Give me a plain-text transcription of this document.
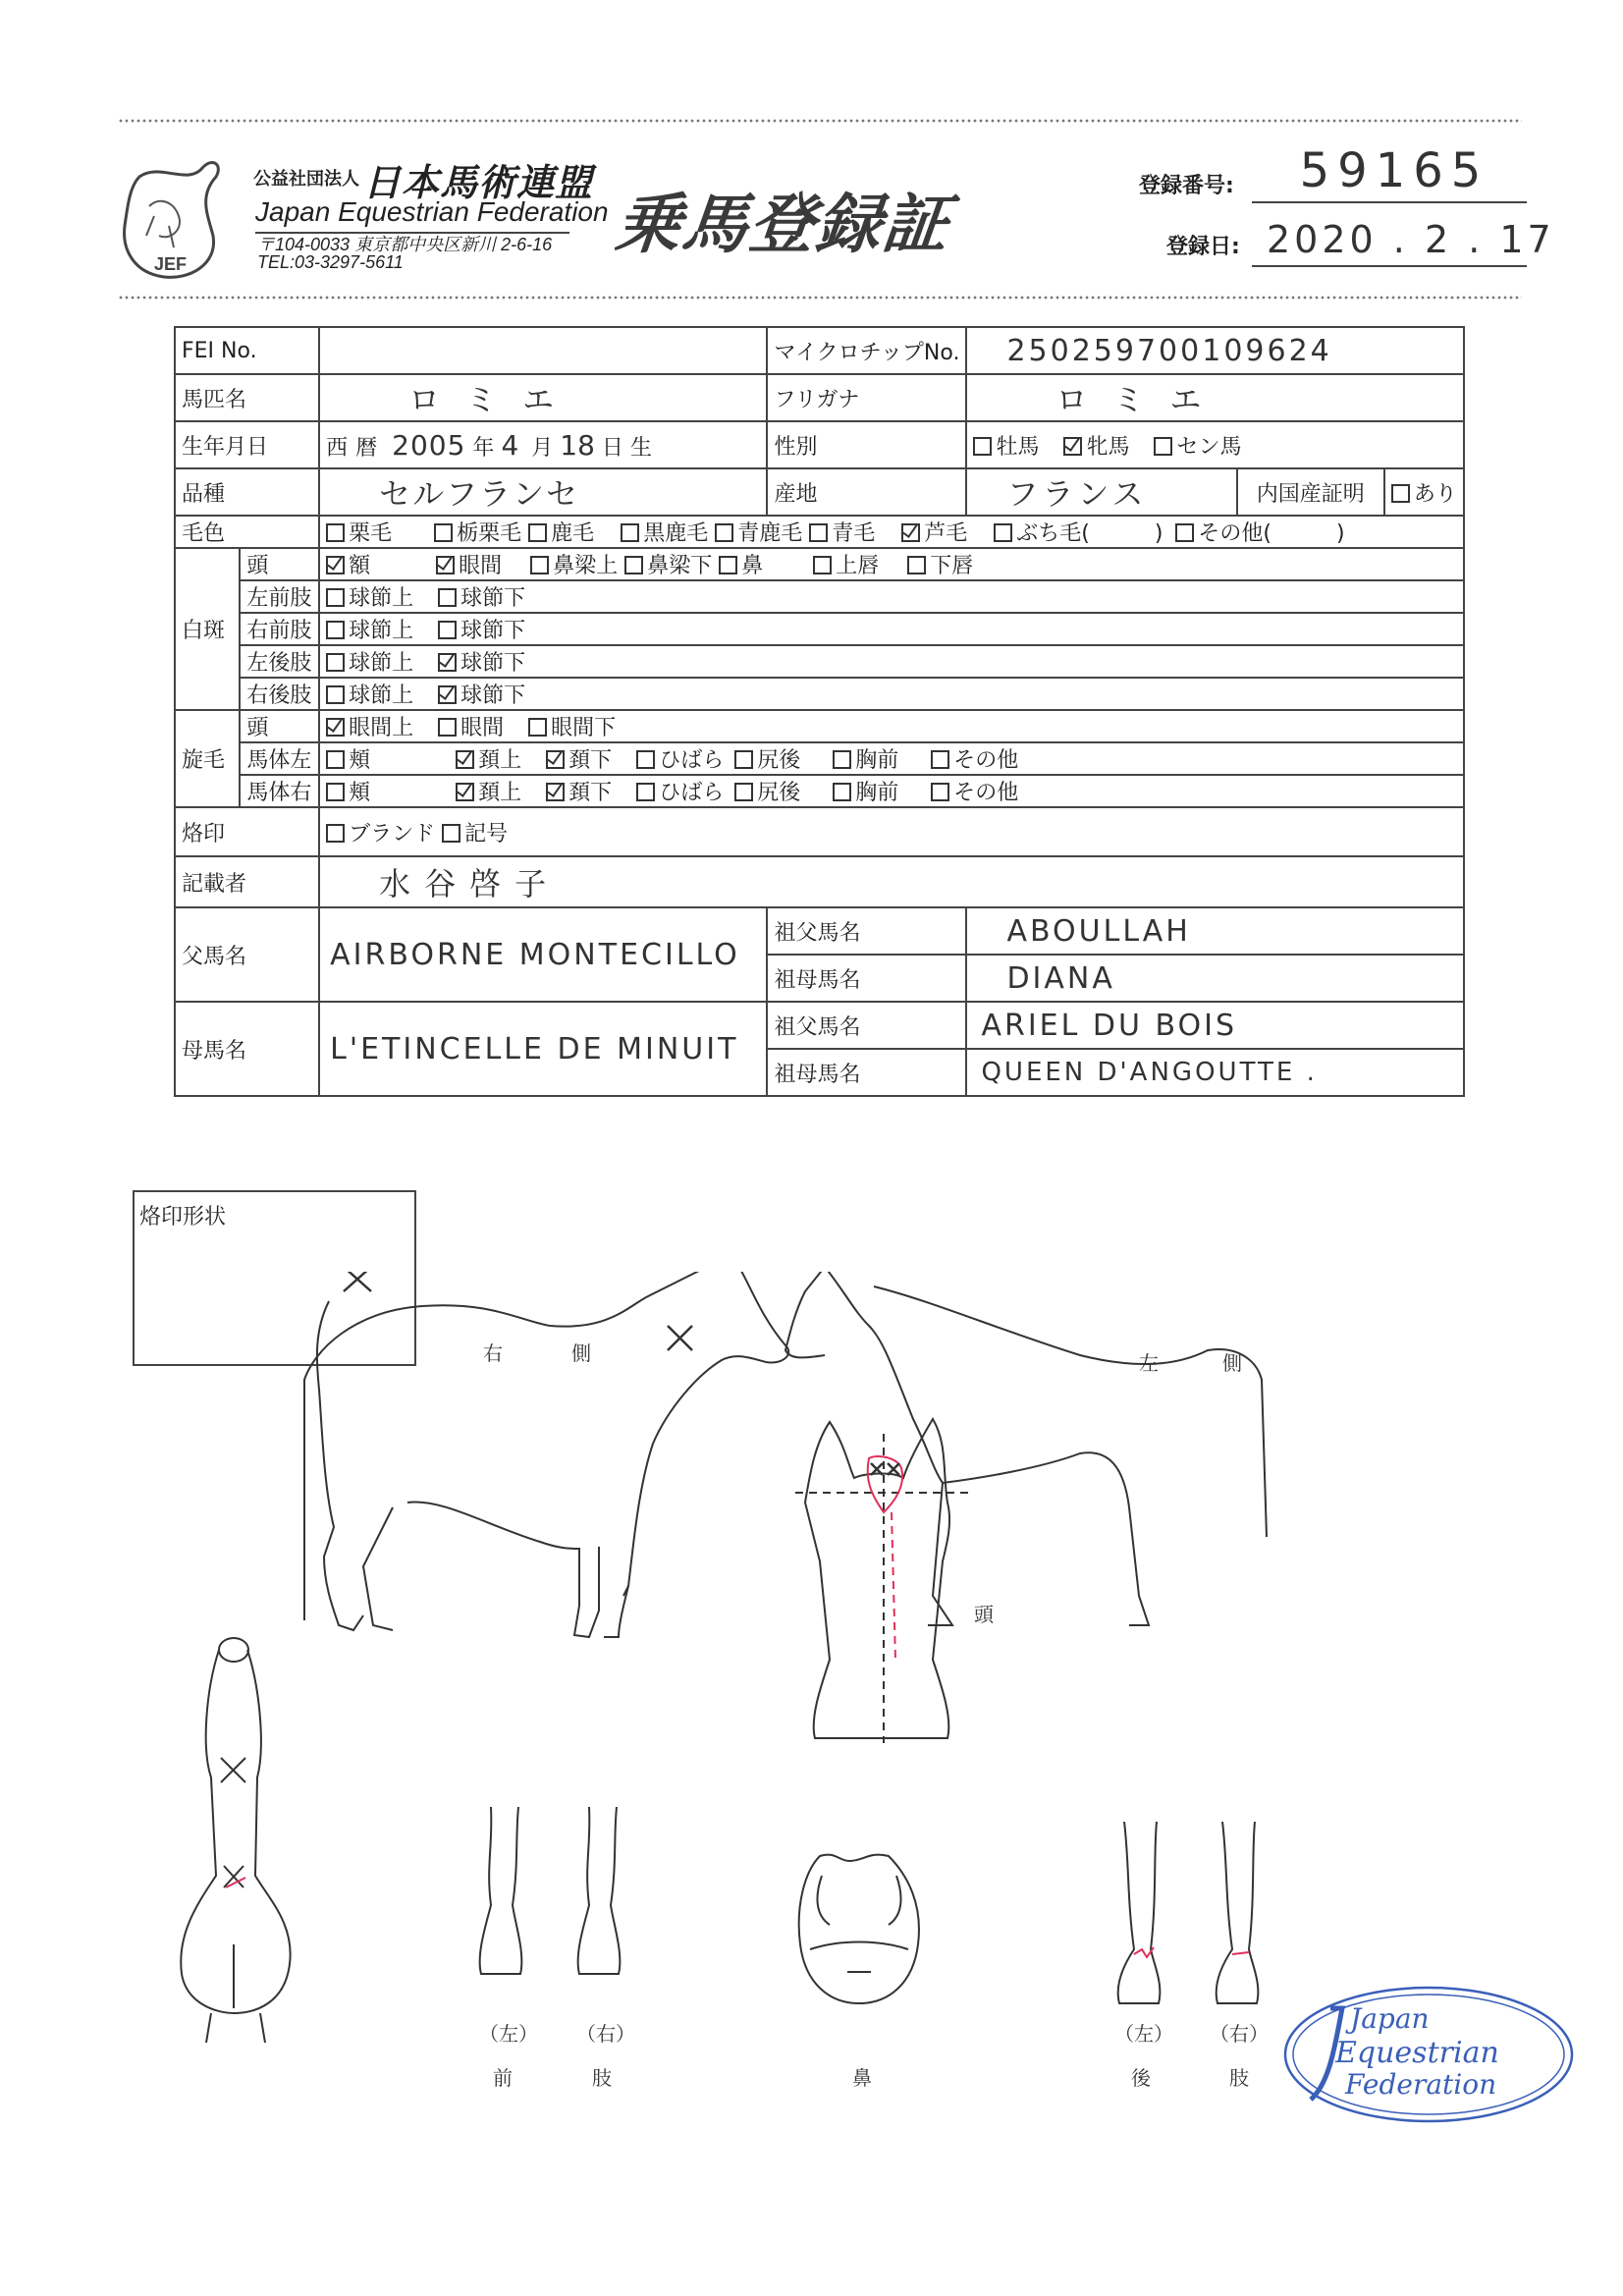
JEF
公益社団法人 日本馬術連盟
Japan Equestrian Federation
〒104-0033 東京都中央区新川 2-6-16
TEL:03-3297-5611	乗馬登録証
登録番号:	59165
登録日: 2020 . 2 . 17
FEI No.			マイクロチップNo.	250259700109624		
馬匹名		ロミエ	フリガナ	ロミエ		
生年月日		西暦 2005 年 4 月 18 日 生	性別	牡馬 牝馬 セン馬		
品種		セルフランセ	産地	フランス	内国産証明	あり
毛色		栗毛 栃栗毛 鹿毛 黒鹿毛 青鹿毛 青毛 芦毛 ぶち毛(　　　) その他(　　　)				
白斑	頭	額 眼間 鼻梁上 鼻梁下 鼻 上唇 下唇				
	左前肢	球節上 球節下				
	右前肢	球節上 球節下				
	左後肢	球節上 球節下				
	右後肢	球節上 球節下				
旋毛	頭	眼間上 眼間 眼間下				
	馬体左	頬 頚上 頚下 ひばら 尻後 胸前 その他				
	馬体右	頬 頚上 頚下 ひばら 尻後 胸前 その他				
烙印		ブランド 記号				
記載者		水谷啓子				
父馬名		AIRBORNE MONTECILLO	祖父馬名	ABOULLAH		
			祖母馬名	DIANA		
母馬名		L'ETINCELLE DE MINUIT	祖父馬名	ARIEL DU BOIS		
			祖母馬名	QUEEN D'ANGOUTTE .		
烙印形状
右	側	左	側
頭
鼻
（左） （右）
前	肢
（左） （右）
後	肢
Japan
Equestrian
Federation
